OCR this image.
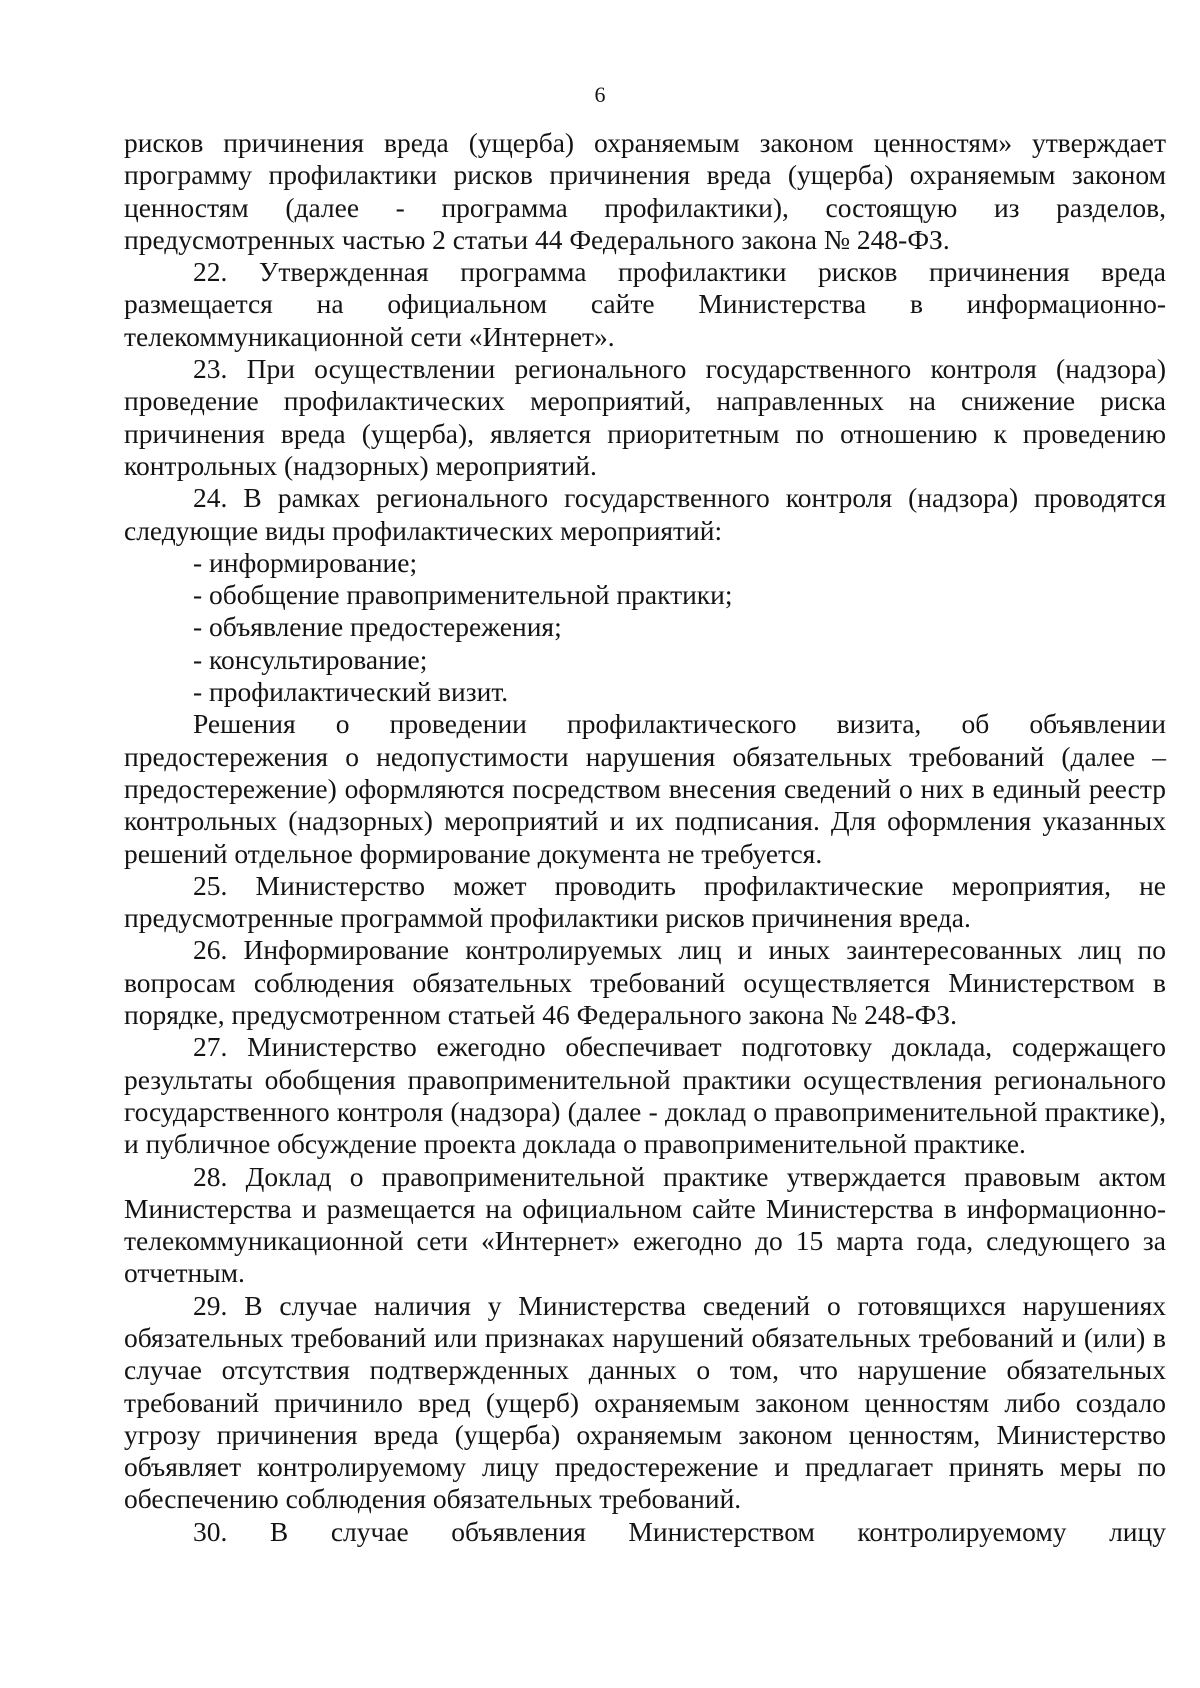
6

рисков причинения вреда (ущерба) охраняемым законом ценностям» утверждает программу профилактики рисков причинения вреда (ущерба) охраняемым законом ценностям (далее - программа профилактики), состоящую из разделов, предусмотренных частью 2 статьи 44 Федерального закона № 248-ФЗ.

22. Утвержденная программа профилактики рисков причинения вреда размещается на официальном сайте Министерства в информационно-телекоммуникационной сети «Интернет».

23. При осуществлении регионального государственного контроля (надзора) проведение профилактических мероприятий, направленных на снижение риска причинения вреда (ущерба), является приоритетным по отношению к проведению контрольных (надзорных) мероприятий.

24. В рамках регионального государственного контроля (надзора) проводятся следующие виды профилактических мероприятий:

- информирование;

- обобщение правоприменительной практики;

- объявление предостережения;

- консультирование;

- профилактический визит.

Решения о проведении профилактического визита, об объявлении предостережения о недопустимости нарушения обязательных требований (далее – предостережение) оформляются посредством внесения сведений о них в единый реестр контрольных (надзорных) мероприятий и их подписания. Для оформления указанных решений отдельное формирование документа не требуется.

25. Министерство может проводить профилактические мероприятия, не предусмотренные программой профилактики рисков причинения вреда.

26. Информирование контролируемых лиц и иных заинтересованных лиц по вопросам соблюдения обязательных требований осуществляется Министерством в порядке, предусмотренном статьей 46 Федерального закона № 248-ФЗ.

27. Министерство ежегодно обеспечивает подготовку доклада, содержащего результаты обобщения правоприменительной практики осуществления регионального государственного контроля (надзора) (далее - доклад о правоприменительной практике), и публичное обсуждение проекта доклада о правоприменительной практике.

28. Доклад о правоприменительной практике утверждается правовым актом Министерства и размещается на официальном сайте Министерства в информационно-телекоммуникационной сети «Интернет» ежегодно до 15 марта года, следующего за отчетным.

29. В случае наличия у Министерства сведений о готовящихся нарушениях обязательных требований или признаках нарушений обязательных требований и (или) в случае отсутствия подтвержденных данных о том, что нарушение обязательных требований причинило вред (ущерб) охраняемым законом ценностям либо создало угрозу причинения вреда (ущерба) охраняемым законом ценностям, Министерство объявляет контролируемому лицу предостережение и предлагает принять меры по обеспечению соблюдения обязательных требований.

30. В случае объявления Министерством контролируемому лицу
